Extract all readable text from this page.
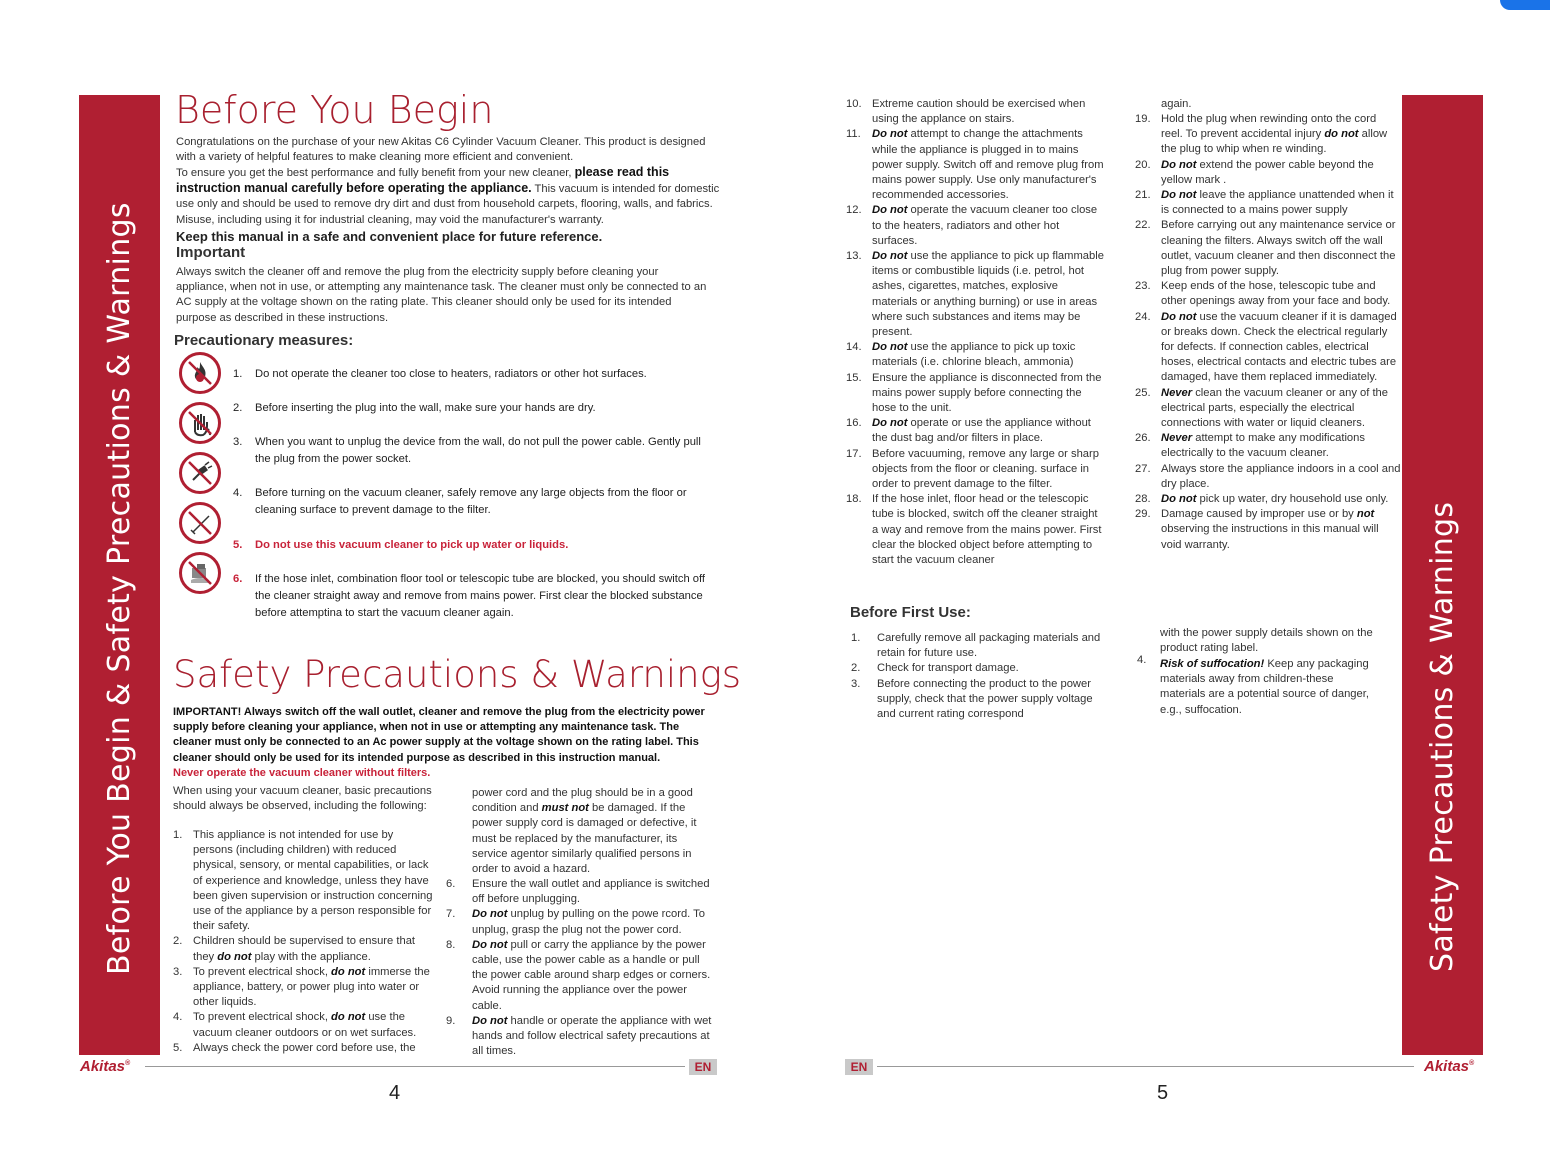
Before You Begin & Safety Precautions & Warnings
Before You Begin
Congratulations on the purchase of your new Akitas C6 Cylinder Vacuum Cleaner. This product is designed with a variety of helpful features to make cleaning more efficient and convenient.
To ensure you get the best performance and fully benefit from your new cleaner, please read this instruction manual carefully before operating the appliance. This vacuum is intended for domestic use only and should be used to remove dry dirt and dust from household carpets, flooring, walls, and fabrics. Misuse, including using it for industrial cleaning, may void the manufacturer's warranty.
Keep this manual in a safe and convenient place for future reference.
Important
Always switch the cleaner off and remove the plug from the electricity supply before cleaning your appliance, when not in use, or attempting any maintenance task. The cleaner must only be connected to an AC supply at the voltage shown on the rating plate. This cleaner should only be used for its intended purpose as described in these instructions.
Precautionary measures:
1. Do not operate the cleaner too close to heaters, radiators or other hot surfaces.
2. Before inserting the plug into the wall, make sure your hands are dry.
3. When you want to unplug the device from the wall, do not pull the power cable. Gently pull the plug from the power socket.
4. Before turning on the vacuum cleaner, safely remove any large objects from the floor or cleaning surface to prevent damage to the filter.
5. Do not use this vacuum cleaner to pick up water or liquids.
6. If the hose inlet, combination floor tool or telescopic tube are blocked, you should switch off the cleaner straight away and remove from mains power. First clear the blocked substance before attemptina to start the vacuum cleaner again.
Safety Precautions & Warnings
IMPORTANT! Always switch off the wall outlet, cleaner and remove the plug from the electricity power supply before cleaning your appliance, when not in use or attempting any maintenance task. The cleaner must only be connected to an Ac power supply at the voltage shown on the rating label. This cleaner should only be used for its intended purpose as described in this instruction manual.
Never operate the vacuum cleaner without filters.
When using your vacuum cleaner, basic precautions should always be observed, including the following:
1. This appliance is not intended for use by persons (including children) with reduced physical, sensory, or mental capabilities, or lack of experience and knowledge, unless they have been given supervision or instruction concerning use of the appliance by a person responsible for their safety.
2. Children should be supervised to ensure that they do not play with the appliance.
3. To prevent electrical shock, do not immerse the appliance, battery, or power plug into water or other liquids.
4. To prevent electrical shock, do not use the vacuum cleaner outdoors or on wet surfaces.
5. Always check the power cord before use, the
power cord and the plug should be in a good condition and must not be damaged. If the power supply cord is damaged or defective, it must be replaced by the manufacturer, its service agentor similarly qualified persons in order to avoid a hazard.
6. Ensure the wall outlet and appliance is switched off before unplugging.
7. Do not unplug by pulling on the powe rcord. To unplug, grasp the plug not the power cord.
8. Do not pull or carry the appliance by the power cable, use the power cable as a handle or pull the power cable around sharp edges or corners. Avoid running the appliance over the power cable.
9. Do not handle or operate the appliance with wet hands and follow electrical safety precautions at all times.
Akitas®	EN
4
10. Extreme caution should be exercised when using the applance on stairs.
11. Do not attempt to change the attachments while the appliance is plugged in to mains power supply. Switch off and remove plug from mains power supply. Use only manufacturer's recommended accessories.
12. Do not operate the vacuum cleaner too close to the heaters, radiators and other hot surfaces.
13. Do not use the appliance to pick up flammable items or combustible liquids (i.e. petrol, hot ashes, cigarettes, matches, explosive materials or anything burning) or use in areas where such substances and items may be present.
14. Do not use the appliance to pick up toxic materials (i.e. chlorine bleach, ammonia)
15. Ensure the appliance is disconnected from the mains power supply before connecting the hose to the unit.
16. Do not operate or use the appliance without the dust bag and/or filters in place.
17. Before vacuuming, remove any large or sharp objects from the floor or cleaning. surface in order to prevent damage to the filter.
18. If the hose inlet, floor head or the telescopic tube is blocked, switch off the cleaner straight a way and remove from the mains power. First clear the blocked object before attempting to start the vacuum cleaner
again.
19. Hold the plug when rewinding onto the cord reel. To prevent accidental injury do not allow the plug to whip when re winding.
20. Do not extend the power cable beyond the yellow mark .
21. Do not leave the appliance unattended when it is connected to a mains power supply
22. Before carrying out any maintenance service or cleaning the filters. Always switch off the wall outlet, vacuum cleaner and then disconnect the plug from power supply.
23. Keep ends of the hose, telescopic tube and other openings away from your face and body.
24. Do not use the vacuum cleaner if it is damaged or breaks down. Check the electrical regularly for defects. If connection cables, electrical hoses, electrical contacts and electric tubes are damaged, have them replaced immediately.
25. Never clean the vacuum cleaner or any of the electrical parts, especially the electrical connections with water or liquid cleaners.
26. Never attempt to make any modifications electrically to the vacuum cleaner.
27. Always store the appliance indoors in a cool and dry place.
28. Do not pick up water, dry household use only.
29. Damage caused by improper use or by not observing the instructions in this manual will void warranty.
Before First Use:
1. Carefully remove all packaging materials and retain for future use.
2. Check for transport damage.
3. Before connecting the product to the power supply, check that the power supply voltage and current rating correspond
with the power supply details shown on the product rating label.
4. Risk of suffocation! Keep any packaging materials away from children-these materials are a potential source of danger, e.g., suffocation.	Safety Precautions & Warnings
EN	Akitas®
5
